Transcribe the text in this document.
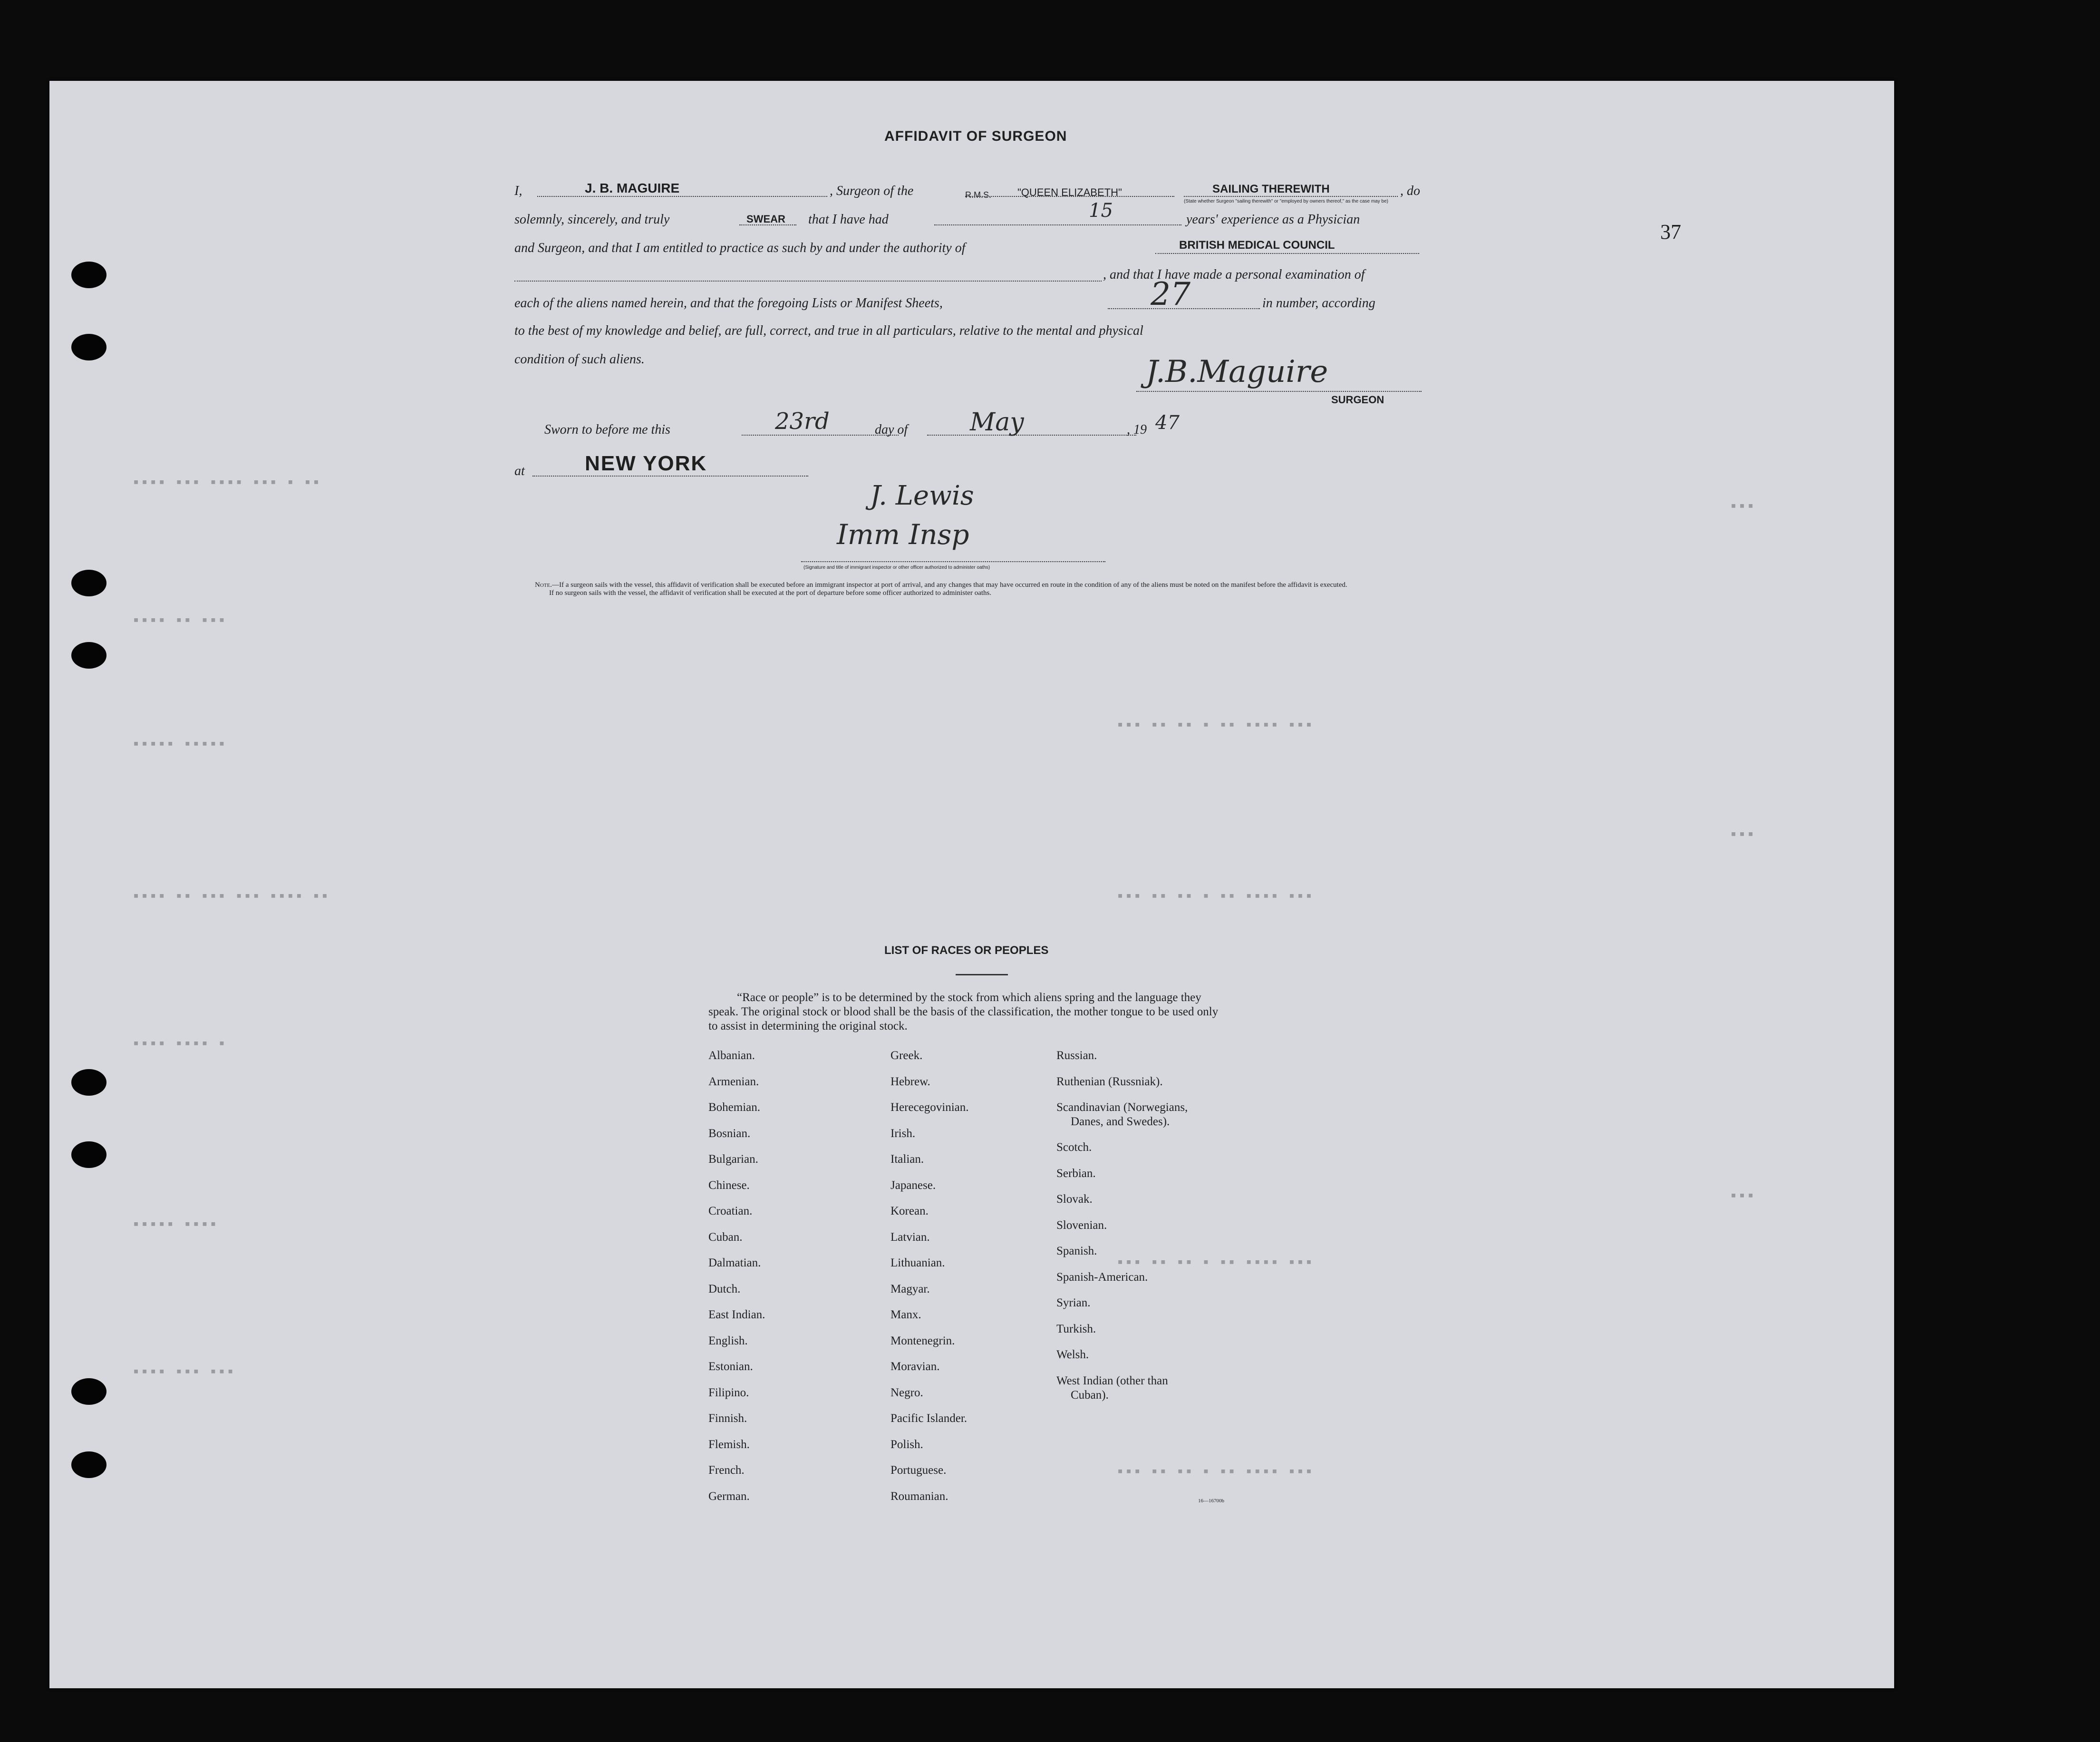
▪▪▪▪ ▪▪▪ ▪▪▪▪ ▪▪▪ ▪ ▪▪
▪▪▪▪ ▪▪ ▪▪▪
▪▪▪▪▪ ▪▪▪▪▪
▪▪▪▪ ▪▪ ▪▪▪ ▪▪▪ ▪▪▪▪ ▪▪
▪▪▪▪ ▪▪▪▪ ▪
▪▪▪▪▪ ▪▪▪▪
▪▪▪▪ ▪▪▪ ▪▪▪
▪▪▪ ▪▪ ▪▪ ▪ ▪▪ ▪▪▪▪ ▪▪▪
▪▪▪ ▪▪ ▪▪ ▪ ▪▪ ▪▪▪▪ ▪▪▪
▪▪▪ ▪▪ ▪▪ ▪ ▪▪ ▪▪▪▪ ▪▪▪
▪▪▪ ▪▪ ▪▪ ▪ ▪▪ ▪▪▪▪ ▪▪▪
▪▪▪
▪▪▪
▪▪▪
37
AFFIDAVIT OF SURGEON
I,	J. B. MAGUIRE	, Surgeon of the	R.M.S. "QUEEN ELIZABETH"	SAILING THEREWITH	, do
(State whether Surgeon "sailing therewith" or "employed by owners thereof," as the case may be)
solemnly, sincerely, and truly	SWEAR that I have had	15	years' experience as a Physician
and Surgeon, and that I am entitled to practice as such by and under the authority of	BRITISH MEDICAL COUNCIL
, and that I have made a personal examination of
each of the aliens named herein, and that the foregoing Lists or Manifest Sheets,	27	in number, according
to the best of my knowledge and belief, are full, correct, and true in all particulars, relative to the mental and physical
condition of such aliens.	J.B.Maguire
SURGEON
Sworn to before me this	23rd	day of	May	, 19 47
at	NEW YORK
J. Lewis
Imm Insp
(Signature and title of immigrant inspector or other officer authorized to administer oaths)
Note.—If a surgeon sails with the vessel, this affidavit of verification shall be executed before an immigrant inspector at port of arrival, and any changes that may have occurred en route in the condition of any of the aliens must be noted on the manifest before the affidavit is executed.
If no surgeon sails with the vessel, the affidavit of verification shall be executed at the port of departure before some officer authorized to administer oaths.
LIST OF RACES OR PEOPLES
“Race or people” is to be determined by the stock from which aliens spring and the language they speak. The original stock or blood shall be the basis of the classification, the mother tongue to be used only to assist in determining the original stock.
Albanian.
Armenian.
Bohemian.
Bosnian.
Bulgarian.
Chinese.
Croatian.
Cuban.
Dalmatian.
Dutch.
East Indian.
English.
Estonian.
Filipino.
Finnish.
Flemish.
French.
German.
Greek.
Hebrew.
Herecegovinian.
Irish.
Italian.
Japanese.
Korean.
Latvian.
Lithuanian.
Magyar.
Manx.
Montenegrin.
Moravian.
Negro.
Pacific Islander.
Polish.
Portuguese.
Roumanian.
Russian.
Ruthenian (Russniak).
Scandinavian (Norwegians,
Danes, and Swedes).
Scotch.
Serbian.
Slovak.
Slovenian.
Spanish.
Spanish-American.
Syrian.
Turkish.
Welsh.
West Indian (other than
Cuban).
16—16700b
